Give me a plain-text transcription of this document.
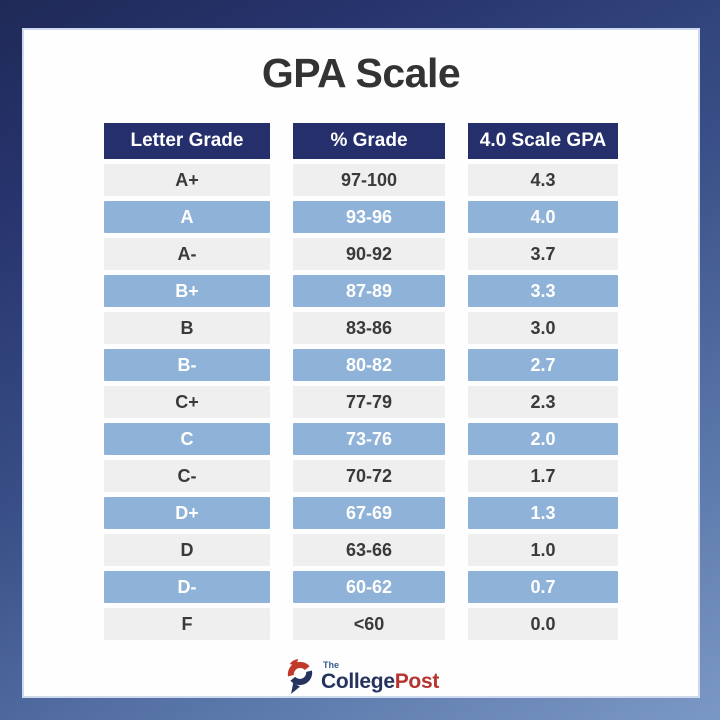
GPA Scale
Letter Grade	% Grade	4.0 Scale GPA
A+	97-100	4.3
A	93-96	4.0
A-	90-92	3.7
B+	87-89	3.3
B	83-86	3.0
B-	80-82	2.7
C+	77-79	2.3
C	73-76	2.0
C-	70-72	1.7
D+	67-69	1.3
D	63-66	1.0
D-	60-62	0.7
F	<60	0.0
The
CollegePost
